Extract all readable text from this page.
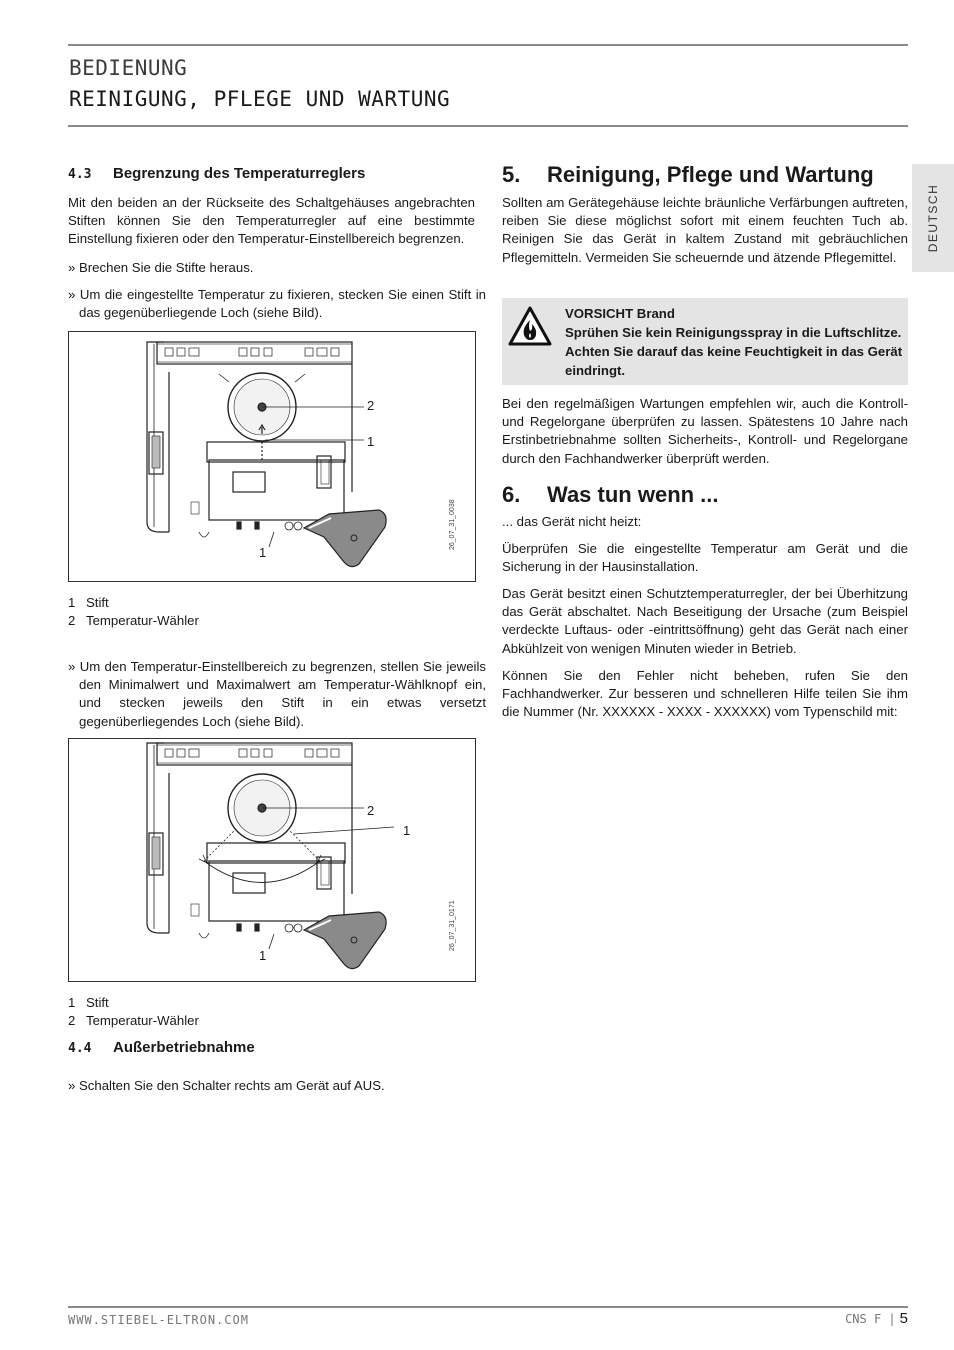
BEDIENUNG
REINIGUNG, PFLEGE UND WARTUNG
DEUTSCH
4.3 Begrenzung des Temperaturreglers
Mit den beiden an der Rückseite des Schaltgehäuses angebrachten Stiften können Sie den Temperaturregler auf eine bestimmte Einstellung fixieren oder den Temperatur-Einstellbereich begrenzen.
» Brechen Sie die Stifte heraus.
» Um die eingestellte Temperatur zu fixieren, stecken Sie einen Stift in das gegenüberliegende Loch (siehe Bild).
2
1
1
26_07_31_0038
1 Stift
2 Temperatur-Wähler
» Um den Temperatur-Einstellbereich zu begrenzen, stellen Sie jeweils den Minimalwert und Maximalwert am Temperatur-Wählknopf ein, und stecken jeweils den Stift in ein etwas versetzt gegenüberliegendes Loch (siehe Bild).
2
1
1
26_07_31_0171
1 Stift
2 Temperatur-Wähler
4.4 Außerbetriebnahme
» Schalten Sie den Schalter rechts am Gerät auf AUS.
5. Reinigung, Pflege und Wartung
Sollten am Gerätegehäuse leichte bräunliche Verfärbungen auftreten, reiben Sie diese möglichst sofort mit einem feuchten Tuch ab. Reinigen Sie das Gerät in kaltem Zustand mit gebräuchlichen Pflegemitteln. Vermeiden Sie scheuernde und ätzende Pflegemittel.
VORSICHT Brand
Sprühen Sie kein Reinigungsspray in die Luftschlitze. Achten Sie darauf das keine Feuchtigkeit in das Gerät eindringt.
Bei den regelmäßigen Wartungen empfehlen wir, auch die Kontroll- und Regelorgane überprüfen zu lassen. Spätestens 10 Jahre nach Erstinbetriebnahme sollten Sicherheits-, Kontroll- und Regelorgane durch den Fachhandwerker überprüft werden.
6. Was tun wenn ...
... das Gerät nicht heizt:
Überprüfen Sie die eingestellte Temperatur am Gerät und die Sicherung in der Hausinstallation.
Das Gerät besitzt einen Schutztemperaturregler, der bei Überhitzung das Gerät abschaltet. Nach Beseitigung der Ursache (zum Beispiel verdeckte Luftaus- oder -eintrittsöffnung) geht das Gerät nach einer Abkühlzeit von wenigen Minuten wieder in Betrieb.
Können Sie den Fehler nicht beheben, rufen Sie den Fachhandwerker. Zur besseren und schnelleren Hilfe teilen Sie ihm die Nummer (Nr. XXXXXX - XXXX - XXXXXX) vom Typenschild mit:
WWW.STIEBEL-ELTRON.COM	CNS F | 5
